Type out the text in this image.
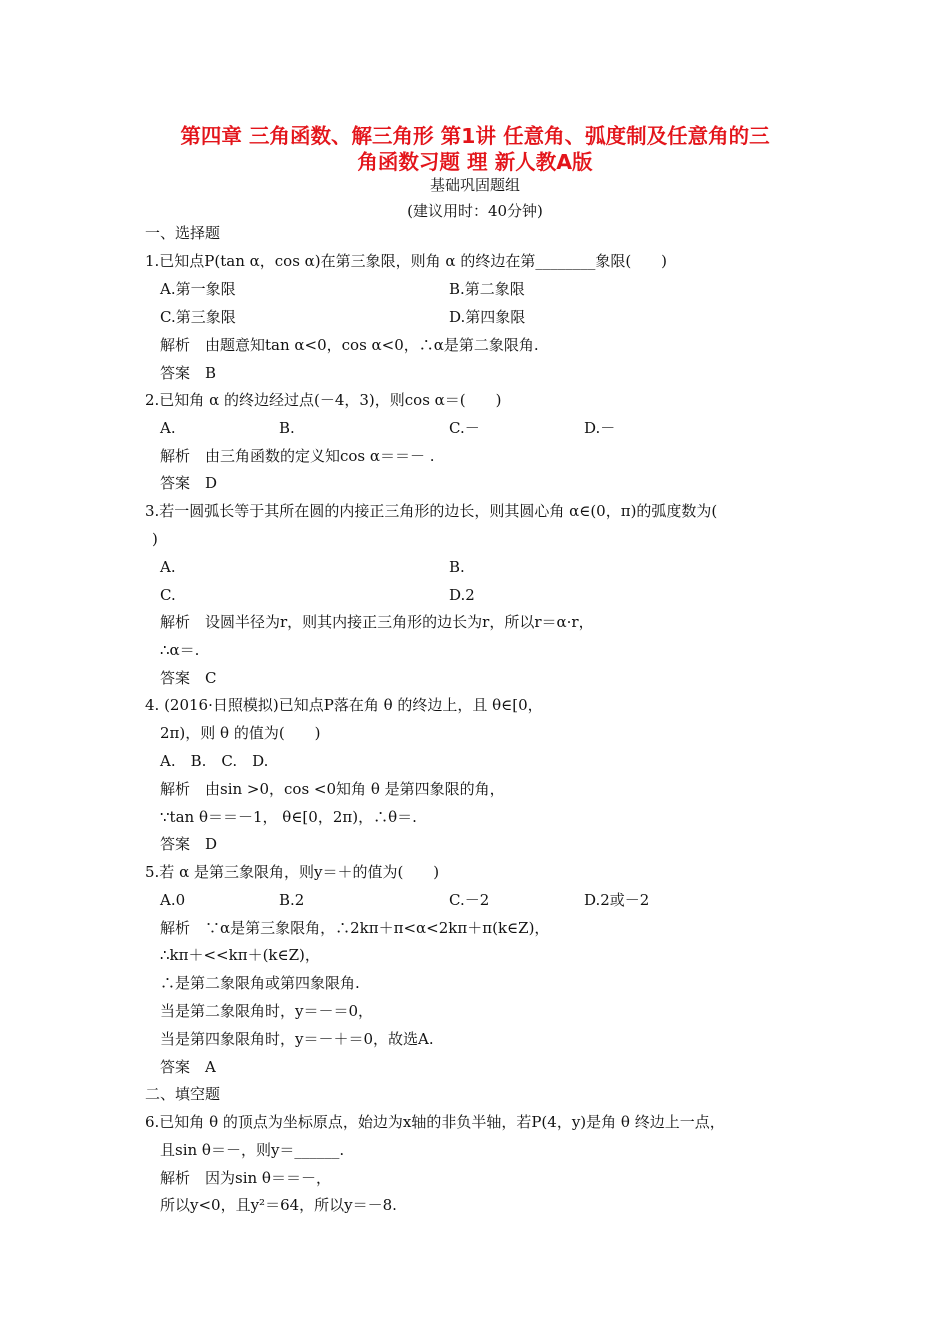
第四章 三角函数、解三角形 第1讲 任意角、弧度制及任意角的三
角函数习题 理 新人教A版
基础巩固题组
(建议用时：40分钟)
一、选择题
1.已知点P(tan α，cos α)在第三象限，则角 α 的终边在第________象限(　　)
A.第一象限	B.第二象限
C.第三象限	D.第四象限
解析　由题意知tan α<0，cos α<0，∴α是第二象限角.
答案　B
2.已知角 α 的终边经过点(－4，3)，则cos α＝(　　)
A.	B.	C.－	D.－
解析　由三角函数的定义知cos α＝＝－ .
答案　D
3.若一圆弧长等于其所在圆的内接正三角形的边长，则其圆心角 α∈(0，π)的弧度数为(
)
A.	B.
C.	D.2
解析　设圆半径为r，则其内接正三角形的边长为r，所以r＝α·r，
∴α＝.
答案　C
4. (2016·日照模拟)已知点P落在角 θ 的终边上，且 θ∈[0，
2π)，则 θ 的值为(　　)
A.　B.　C.　D.
解析　由sin >0，cos <0知角 θ 是第四象限的角，
∵tan θ＝＝－1， θ∈[0，2π)，∴θ＝.
答案　D
5.若 α 是第三象限角，则y＝＋的值为(　　)
A.0	B.2	C.－2	D.2或－2
解析　∵α是第三象限角，∴2kπ＋π<α<2kπ＋π(k∈Z)，
∴kπ＋<<kπ＋(k∈Z)，
∴是第二象限角或第四象限角.
当是第二象限角时，y＝－＝0，
当是第四象限角时，y＝－＋＝0，故选A.
答案　A
二、填空题
6.已知角 θ 的顶点为坐标原点，始边为x轴的非负半轴，若P(4，y)是角 θ 终边上一点，
且sin θ＝－，则y＝______.
解析　因为sin θ＝＝－，
所以y<0，且y²＝64，所以y＝－8.
